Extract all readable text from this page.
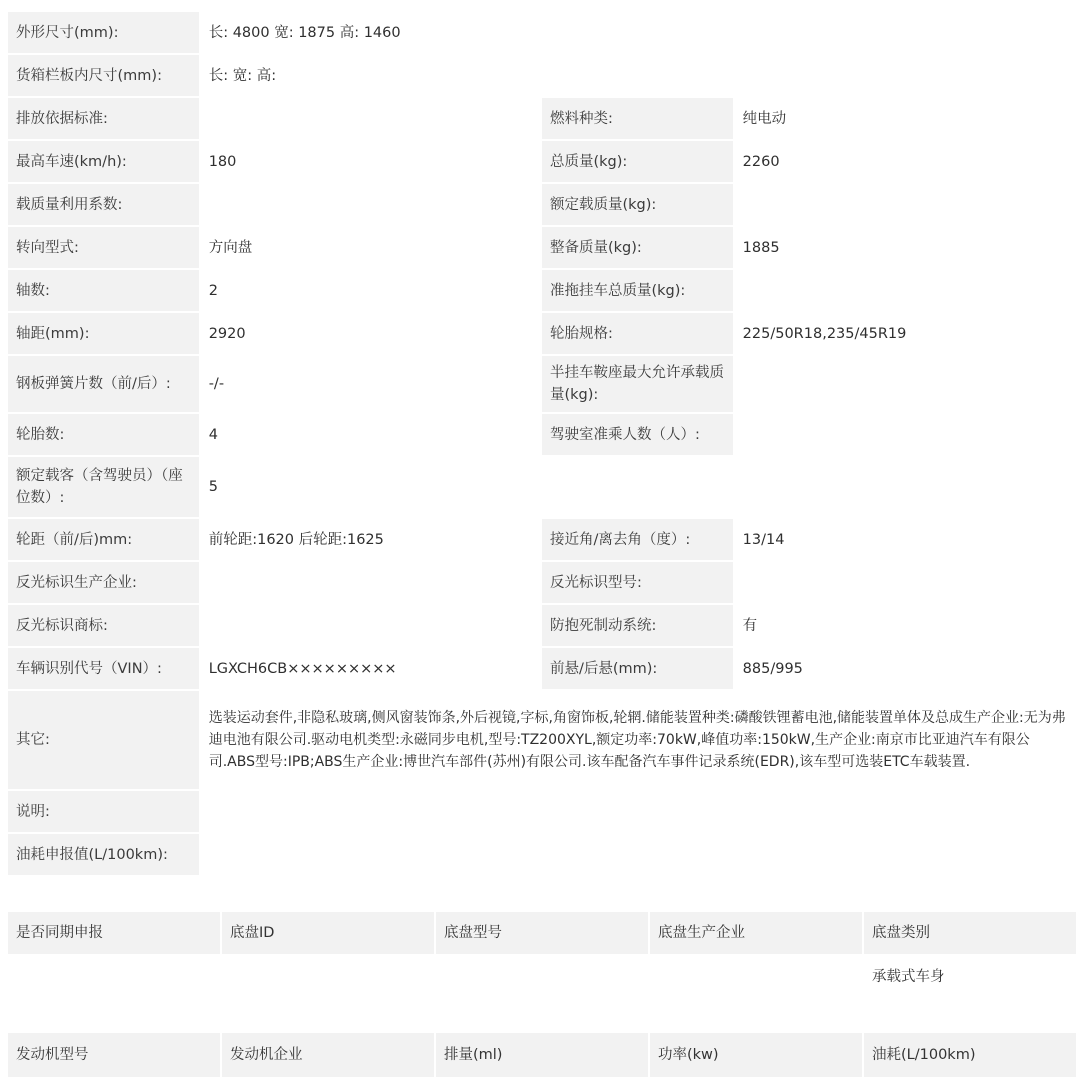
外形尺寸(mm):	长: 4800 宽: 1875 高: 1460		
货箱栏板内尺寸(mm):	长: 宽: 高:		
排放依据标准:		燃料种类:	纯电动
最高车速(km/h):	180	总质量(kg):	2260
载质量利用系数:		额定载质量(kg):	
转向型式:	方向盘	整备质量(kg):	1885
轴数:	2	准拖挂车总质量(kg):	
轴距(mm):	2920	轮胎规格:	225/50R18,235/45R19
钢板弹簧片数（前/后）:	-/-	半挂车鞍座最大允许承载质量(kg):	
轮胎数:	4	驾驶室准乘人数（人）:	
额定载客（含驾驶员）（座位数）:	5		
轮距（前/后)mm:	前轮距:1620 后轮距:1625	接近角/离去角（度）:	13/14
反光标识生产企业:		反光标识型号:	
反光标识商标:		防抱死制动系统:	有
车辆识别代号（VIN）:	LGXCH6CB×××××××××	前悬/后悬(mm):	885/995
其它:	选装运动套件,非隐私玻璃,侧风窗装饰条,外后视镜,字标,角窗饰板,轮辋.储能装置种类:磷酸铁锂蓄电池,储能装置单体及总成生产企业:无为弗迪电池有限公司.驱动电机类型:永磁同步电机,型号:TZ200XYL,额定功率:70kW,峰值功率:150kW,生产企业:南京市比亚迪汽车有限公司.ABS型号:IPB;ABS生产企业:博世汽车部件(苏州)有限公司.该车配备汽车事件记录系统(EDR),该车型可选装ETC车载装置.		
说明:			
油耗申报值(L/100km):			
是否同期申报	底盘ID	底盘型号	底盘生产企业	底盘类别
				承载式车身
发动机型号	发动机企业	排量(ml)	功率(kw)	油耗(L/100km)
